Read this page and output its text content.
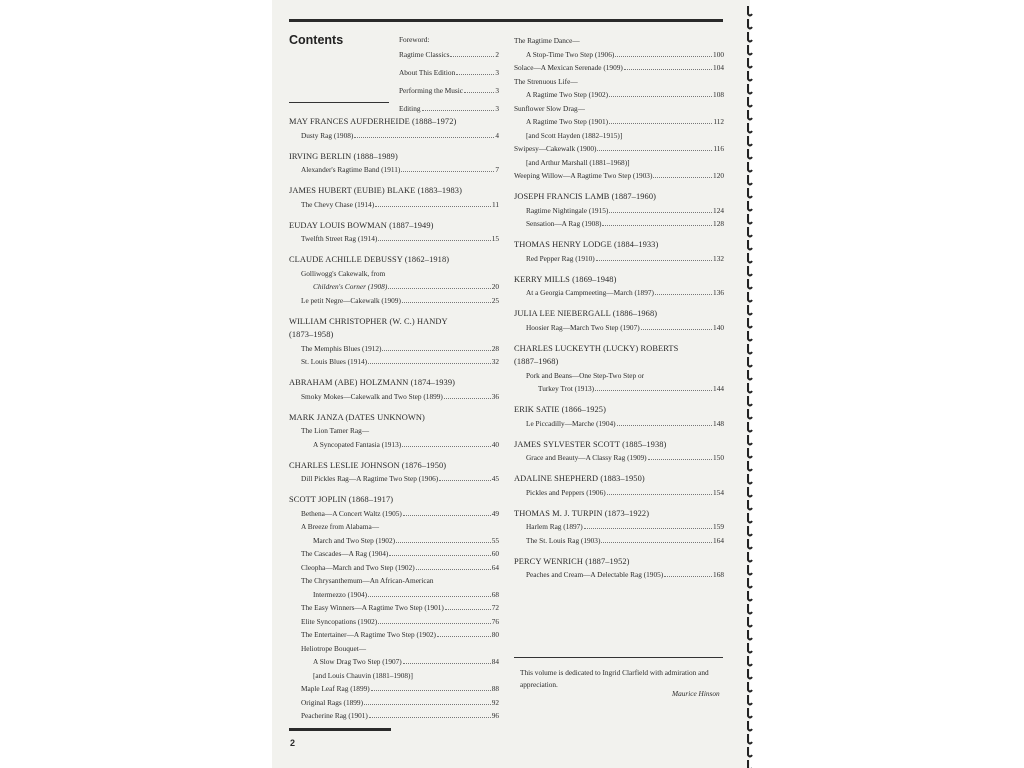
Contents	Foreword:
Ragtime Classics	2
About This Edition	3
Performing the Music	3
Editing	3
MAY FRANCES AUFDERHEIDE (1888–1972)
Dusty Rag (1908)	4
IRVING BERLIN (1888–1989)
Alexander's Ragtime Band (1911)	7
JAMES HUBERT (EUBIE) BLAKE (1883–1983)
The Chevy Chase (1914)	11
EUDAY LOUIS BOWMAN (1887–1949)
Twelfth Street Rag (1914)	15
CLAUDE ACHILLE DEBUSSY (1862–1918)
Golliwogg's Cakewalk, from
Children's Corner (1908)	20
Le petit Negre—Cakewalk (1909)	25
WILLIAM CHRISTOPHER (W. C.) HANDY
(1873–1958)
The Memphis Blues (1912)	28
St. Louis Blues (1914)	32
ABRAHAM (ABE) HOLZMANN (1874–1939)
Smoky Mokes—Cakewalk and Two Step (1899)	36
MARK JANZA (DATES UNKNOWN)
The Lion Tamer Rag—
A Syncopated Fantasia (1913)	40
CHARLES LESLIE JOHNSON (1876–1950)
Dill Pickles Rag—A Ragtime Two Step (1906)	45
SCOTT JOPLIN (1868–1917)
Bethena—A Concert Waltz (1905)	49
A Breeze from Alabama—
March and Two Step (1902)	55
The Cascades—A Rag (1904)	60
Cleopha—March and Two Step (1902)	64
The Chrysanthemum—An African-American
Intermezzo (1904)	68
The Easy Winners—A Ragtime Two Step (1901)	72
Elite Syncopations (1902)	76
The Entertainer—A Ragtime Two Step (1902)	80
Heliotrope Bouquet—
A Slow Drag Two Step (1907)	84
[and Louis Chauvin (1881–1908)]
Maple Leaf Rag (1899)	88
Original Rags (1899)	92
Peacherine Rag (1901)	96
The Ragtime Dance—
A Stop-Time Two Step (1906)	100
Solace—A Mexican Serenade (1909)	104
The Strenuous Life—
A Ragtime Two Step (1902)	108
Sunflower Slow Drag—
A Ragtime Two Step (1901)	112
[and Scott Hayden (1882–1915)]
Swipesy—Cakewalk (1900)	116
[and Arthur Marshall (1881–1968)]
Weeping Willow—A Ragtime Two Step (1903)	120
JOSEPH FRANCIS LAMB (1887–1960)
Ragtime Nightingale (1915)	124
Sensation—A Rag (1908)	128
THOMAS HENRY LODGE (1884–1933)
Red Pepper Rag (1910)	132
KERRY MILLS (1869–1948)
At a Georgia Campmeeting—March (1897)	136
JULIA LEE NIEBERGALL (1886–1968)
Hoosier Rag—March Two Step (1907)	140
CHARLES LUCKEYTH (LUCKY) ROBERTS
(1887–1968)
Pork and Beans—One Step-Two Step or
Turkey Trot (1913)	144
ERIK SATIE (1866–1925)
Le Piccadilly—Marche (1904)	148
JAMES SYLVESTER SCOTT (1885–1938)
Grace and Beauty—A Classy Rag (1909)	150
ADALINE SHEPHERD (1883–1950)
Pickles and Peppers (1906)	154
THOMAS M. J. TURPIN (1873–1922)
Harlem Rag (1897)	159
The St. Louis Rag (1903)	164
PERCY WENRICH (1887–1952)
Peaches and Cream—A Delectable Rag (1905)	168
This volume is dedicated to Ingrid Clarfield with admiration and appreciation.
Maurice Hinson
2
